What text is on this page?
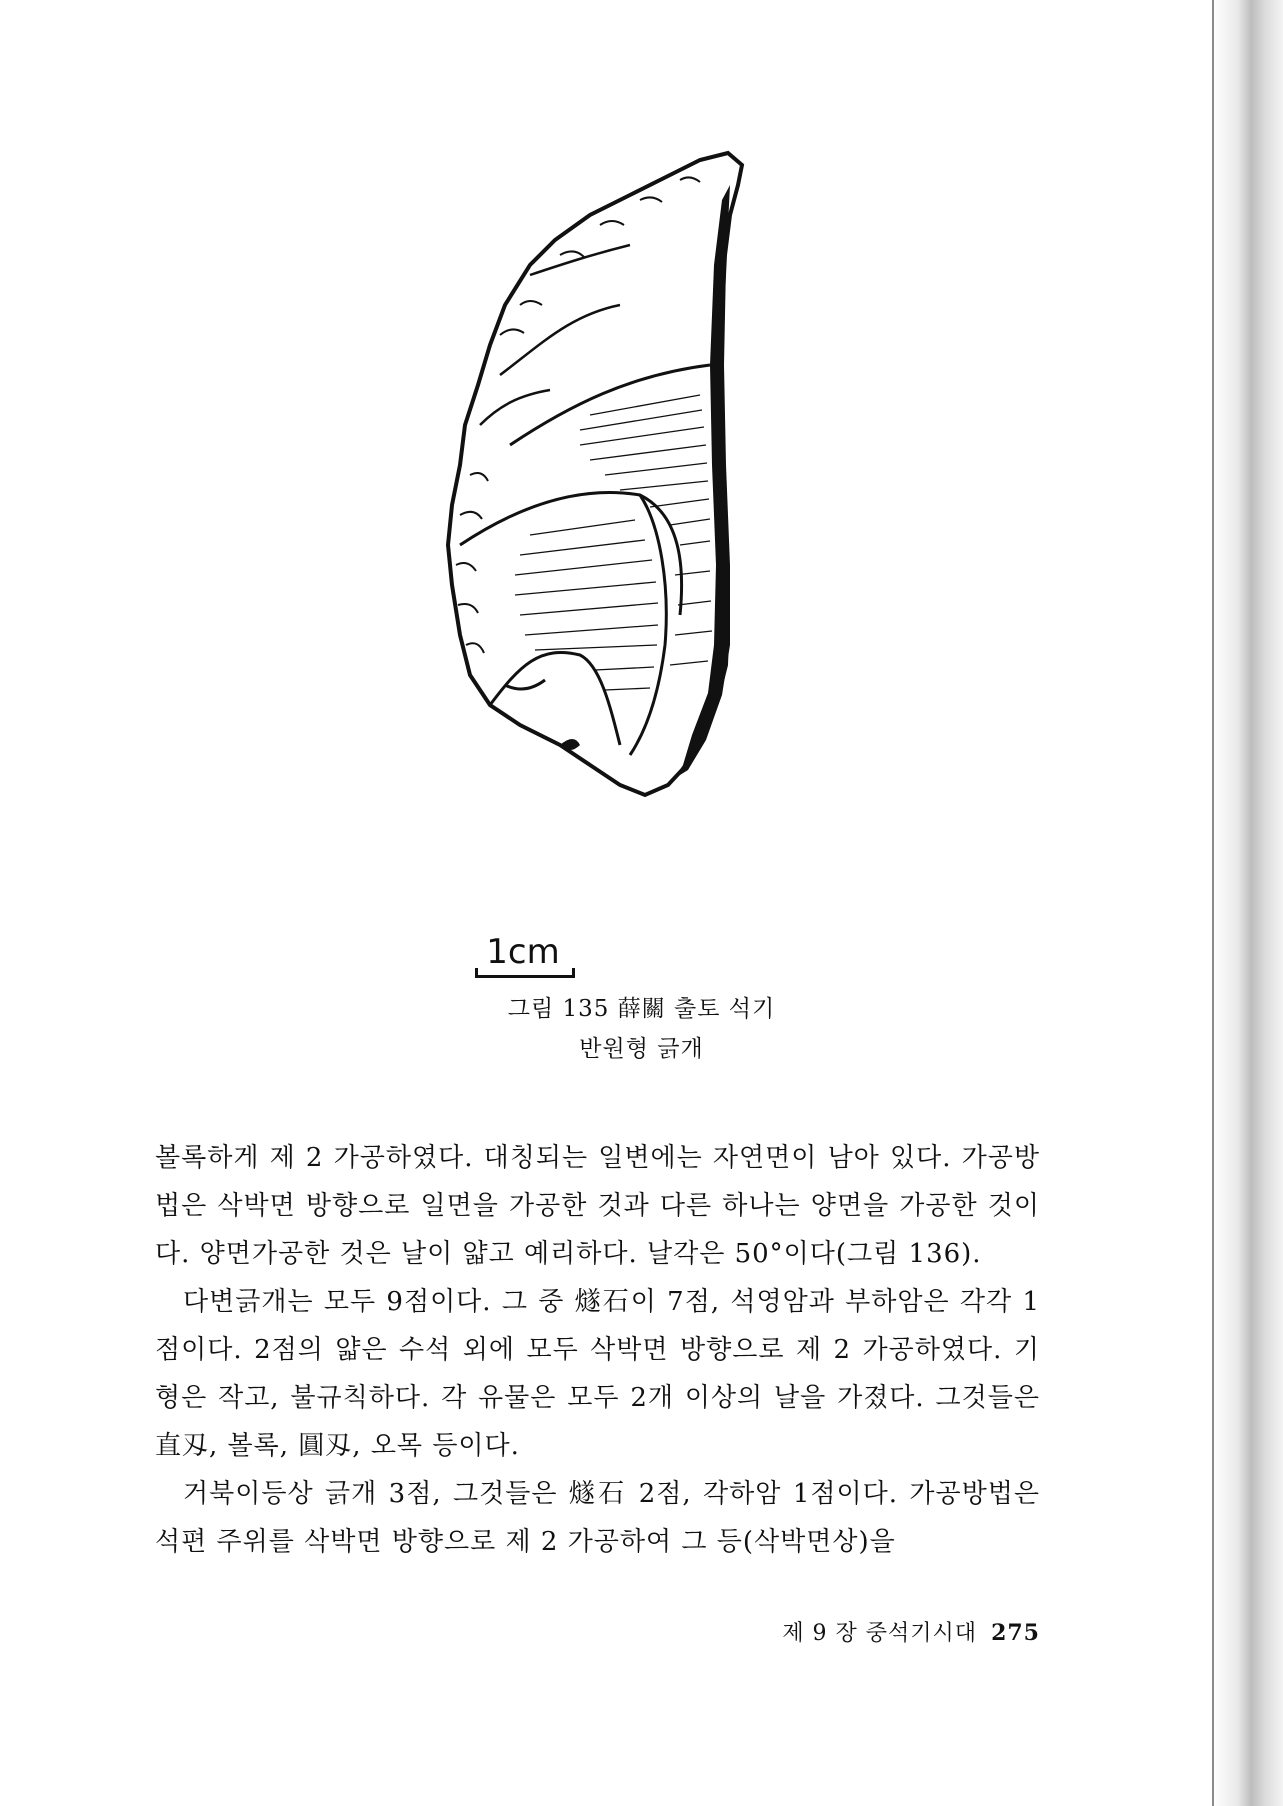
1cm
그림 135 薛關 출토 석기
반원형 긁개

볼록하게 제 2 가공하였다. 대칭되는 일변에는 자연면이 남아 있다. 가공방법은 삭박면 방향으로 일면을 가공한 것과 다른 하나는 양면을 가공한 것이다. 양면가공한 것은 날이 얇고 예리하다. 날각은 50°이다(그림 136).

다변긁개는 모두 9점이다. 그 중 燧石이 7점, 석영암과 부하암은 각각 1점이다. 2점의 얇은 수석 외에 모두 삭박면 방향으로 제 2 가공하였다. 기형은 작고, 불규칙하다. 각 유물은 모두 2개 이상의 날을 가졌다. 그것들은 直刄, 볼록, 圓刄, 오목 등이다.

거북이등상 긁개 3점, 그것들은 燧石 2점, 각하암 1점이다. 가공방법은 석편 주위를 삭박면 방향으로 제 2 가공하여 그 등(삭박면상)을

제 9 장 중석기시대 275
